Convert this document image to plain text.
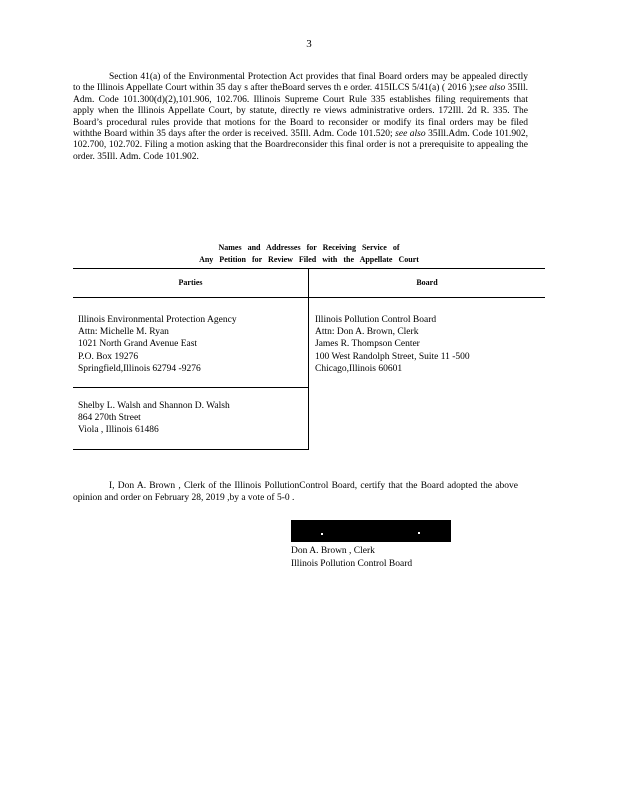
3

Section 41(a) of the Environmental Protection Act provides that final Board orders may be appealed directly to the Illinois Appellate Court within 35 day s after theBoard serves th e order. 415ILCS 5/41(a) ( 2016 );see also 35Ill. Adm. Code 101.300(d)(2),101.906, 102.706. Illinois Supreme Court Rule 335 establishes filing requirements that apply when the Illinois Appellate Court, by statute, directly re views administrative orders. 172Ill. 2d R. 335. The Board’s procedural rules provide that motions for the Board to reconsider or modify its final orders may be filed withthe Board within 35 days after the order is received. 35Ill. Adm. Code 101.520; see also 35Ill.Adm. Code 101.902, 102.700, 102.702. Filing a motion asking that the Boardreconsider this final order is not a prerequisite to appealing the order. 35Ill. Adm. Code 101.902.

Names and Addresses for Receiving Service of
Any Petition for Review Filed with the Appellate Court
Parties	Board

Illinois Environmental Protection Agency
Attn: Michelle M. Ryan
1021 North Grand Avenue East
P.O. Box 19276
Springfield,Illinois 62794 -9276	Illinois Pollution Control Board
Attn: Don A. Brown, Clerk
James R. Thompson Center
100 West Randolph Street, Suite 11 -500
Chicago,Illinois 60601

Shelby L. Walsh and Shannon D. Walsh
864 270th Street
Viola , Illinois 61486	

I, Don A. Brown , Clerk of the Illinois PollutionControl Board, certify that the Board adopted the above opinion and order on February 28, 2019 ,by a vote of 5-0 .

Don A. Brown , Clerk
Illinois Pollution Control Board
